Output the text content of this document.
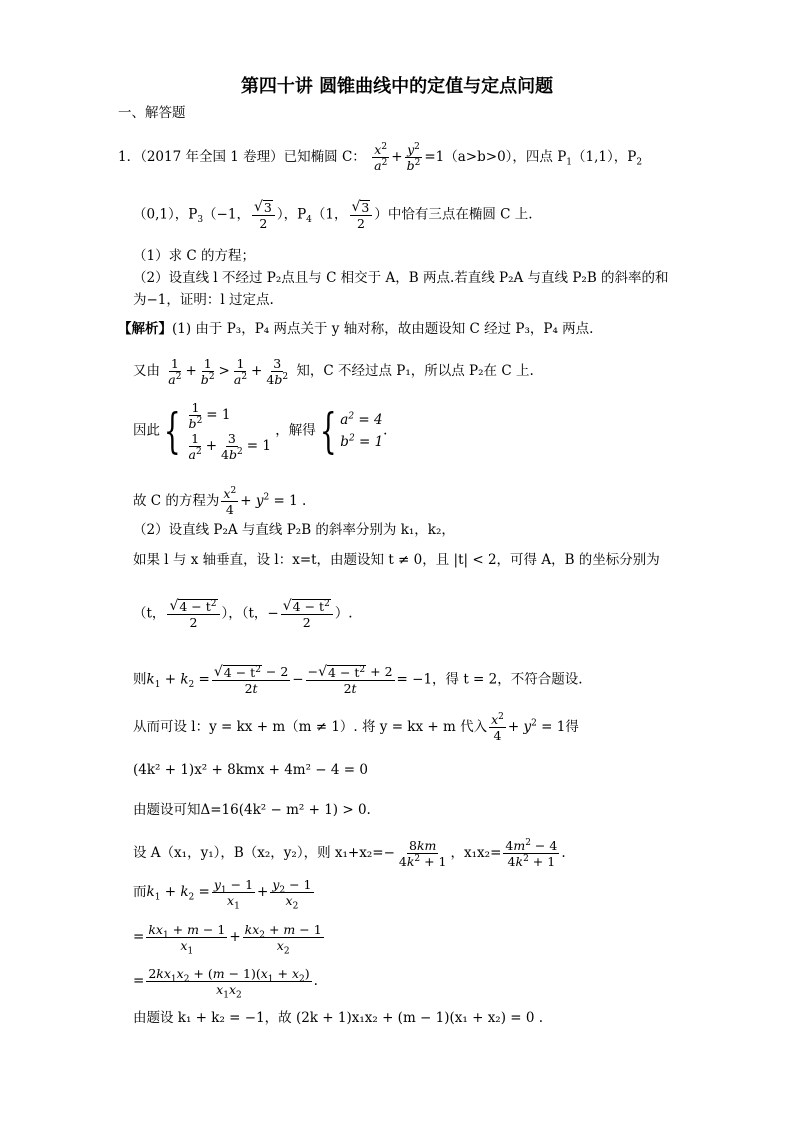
第四十讲 圆锥曲线中的定值与定点问题
一、解答题
1．（2017 年全国 1 卷理）已知椭圆 C： $\frac{x^2}{a^2} + \frac{y^2}{b^2} =1(a>b>0)$，四点 $P_1(1,1)$，$P_2$
（0,1），$P_3(-1$， $\frac{√ 3}{2}$ ），$P_4(1$， $\frac{√ 3}{2}$ ）中恰有三点在椭圆 C 上.
（1）求 C 的方程；
（2）设直线 l 不经过 P₂点且与 C 相交于 A，B 两点.若直线 P₂A 与直线 P₂B 的斜率的和
为−1，证明：l 过定点.
【解析】(1) 由于 P₃，P₄ 两点关于 y 轴对称，故由题设知 C 经过 P₃，P₄ 两点.
又由 $\frac{1}{a^2} + \frac{1}{b^2} > \frac{1}{a^2} + \frac{3}{4b^2}$ 知，C 不经过点 P₁，所以点 P₂在 C 上.
因此{ $\frac{1}{b^2} = 1$
$\frac{1}{a^2} + \frac{3}{4b^2} = 1$
，解得{ $a^2 = 4$
$b^2 = 1$
.
故 C 的方程为 $\frac{x^2}{4} + y^2 = 1$ .
（2）设直线 P₂A 与直线 P₂B 的斜率分别为 k₁，k₂，
如果 l 与 x 轴垂直，设 l：x=t，由题设知 t ≠ 0，且 |t| < 2，可得 A，B 的坐标分别为
（t， $\frac{√ 4 - t^2}{2}$ ），（t，− $\frac{√ 4 - t^2}{2}$ ）.
则$k_1 + k_2 = \frac{√ 4 - t^2 - 2}{2t} - \frac{- √ 4 - t^2 + 2}{2t} = -1$，得 t = 2，不符合题设.
从而可设 l：y = kx + m（m ≠ 1）. 将 y = kx + m 代入 $\frac{x^2}{4} + y^2 = 1$得
(4k² + 1)x² + 8kmx + 4m² − 4 = 0
由题设可知Δ=16(4k² − m² + 1) > 0.
设 A（x₁，y₁），B（x₂，y₂），则 $x_1+x_2=- \frac{8km}{4k^2 + 1}$ ，$x_1x_2= \frac{4m^2 - 4}{4k^2 + 1}$ .
而$k_1 + k_2 = \frac{y_1 - 1}{x_1} + \frac{y_2 - 1}{x_2}$
= $\frac{kx_1 + m - 1}{x_1} + \frac{kx_2 + m - 1}{x_2}$
= $\frac{2kx_1x_2 + (m - 1)(x_1 + x_2)}{x_1x_2}$ .
由题设 k₁ + k₂ = −1，故 (2k + 1)x₁x₂ + (m − 1)(x₁ + x₂) = 0 .
